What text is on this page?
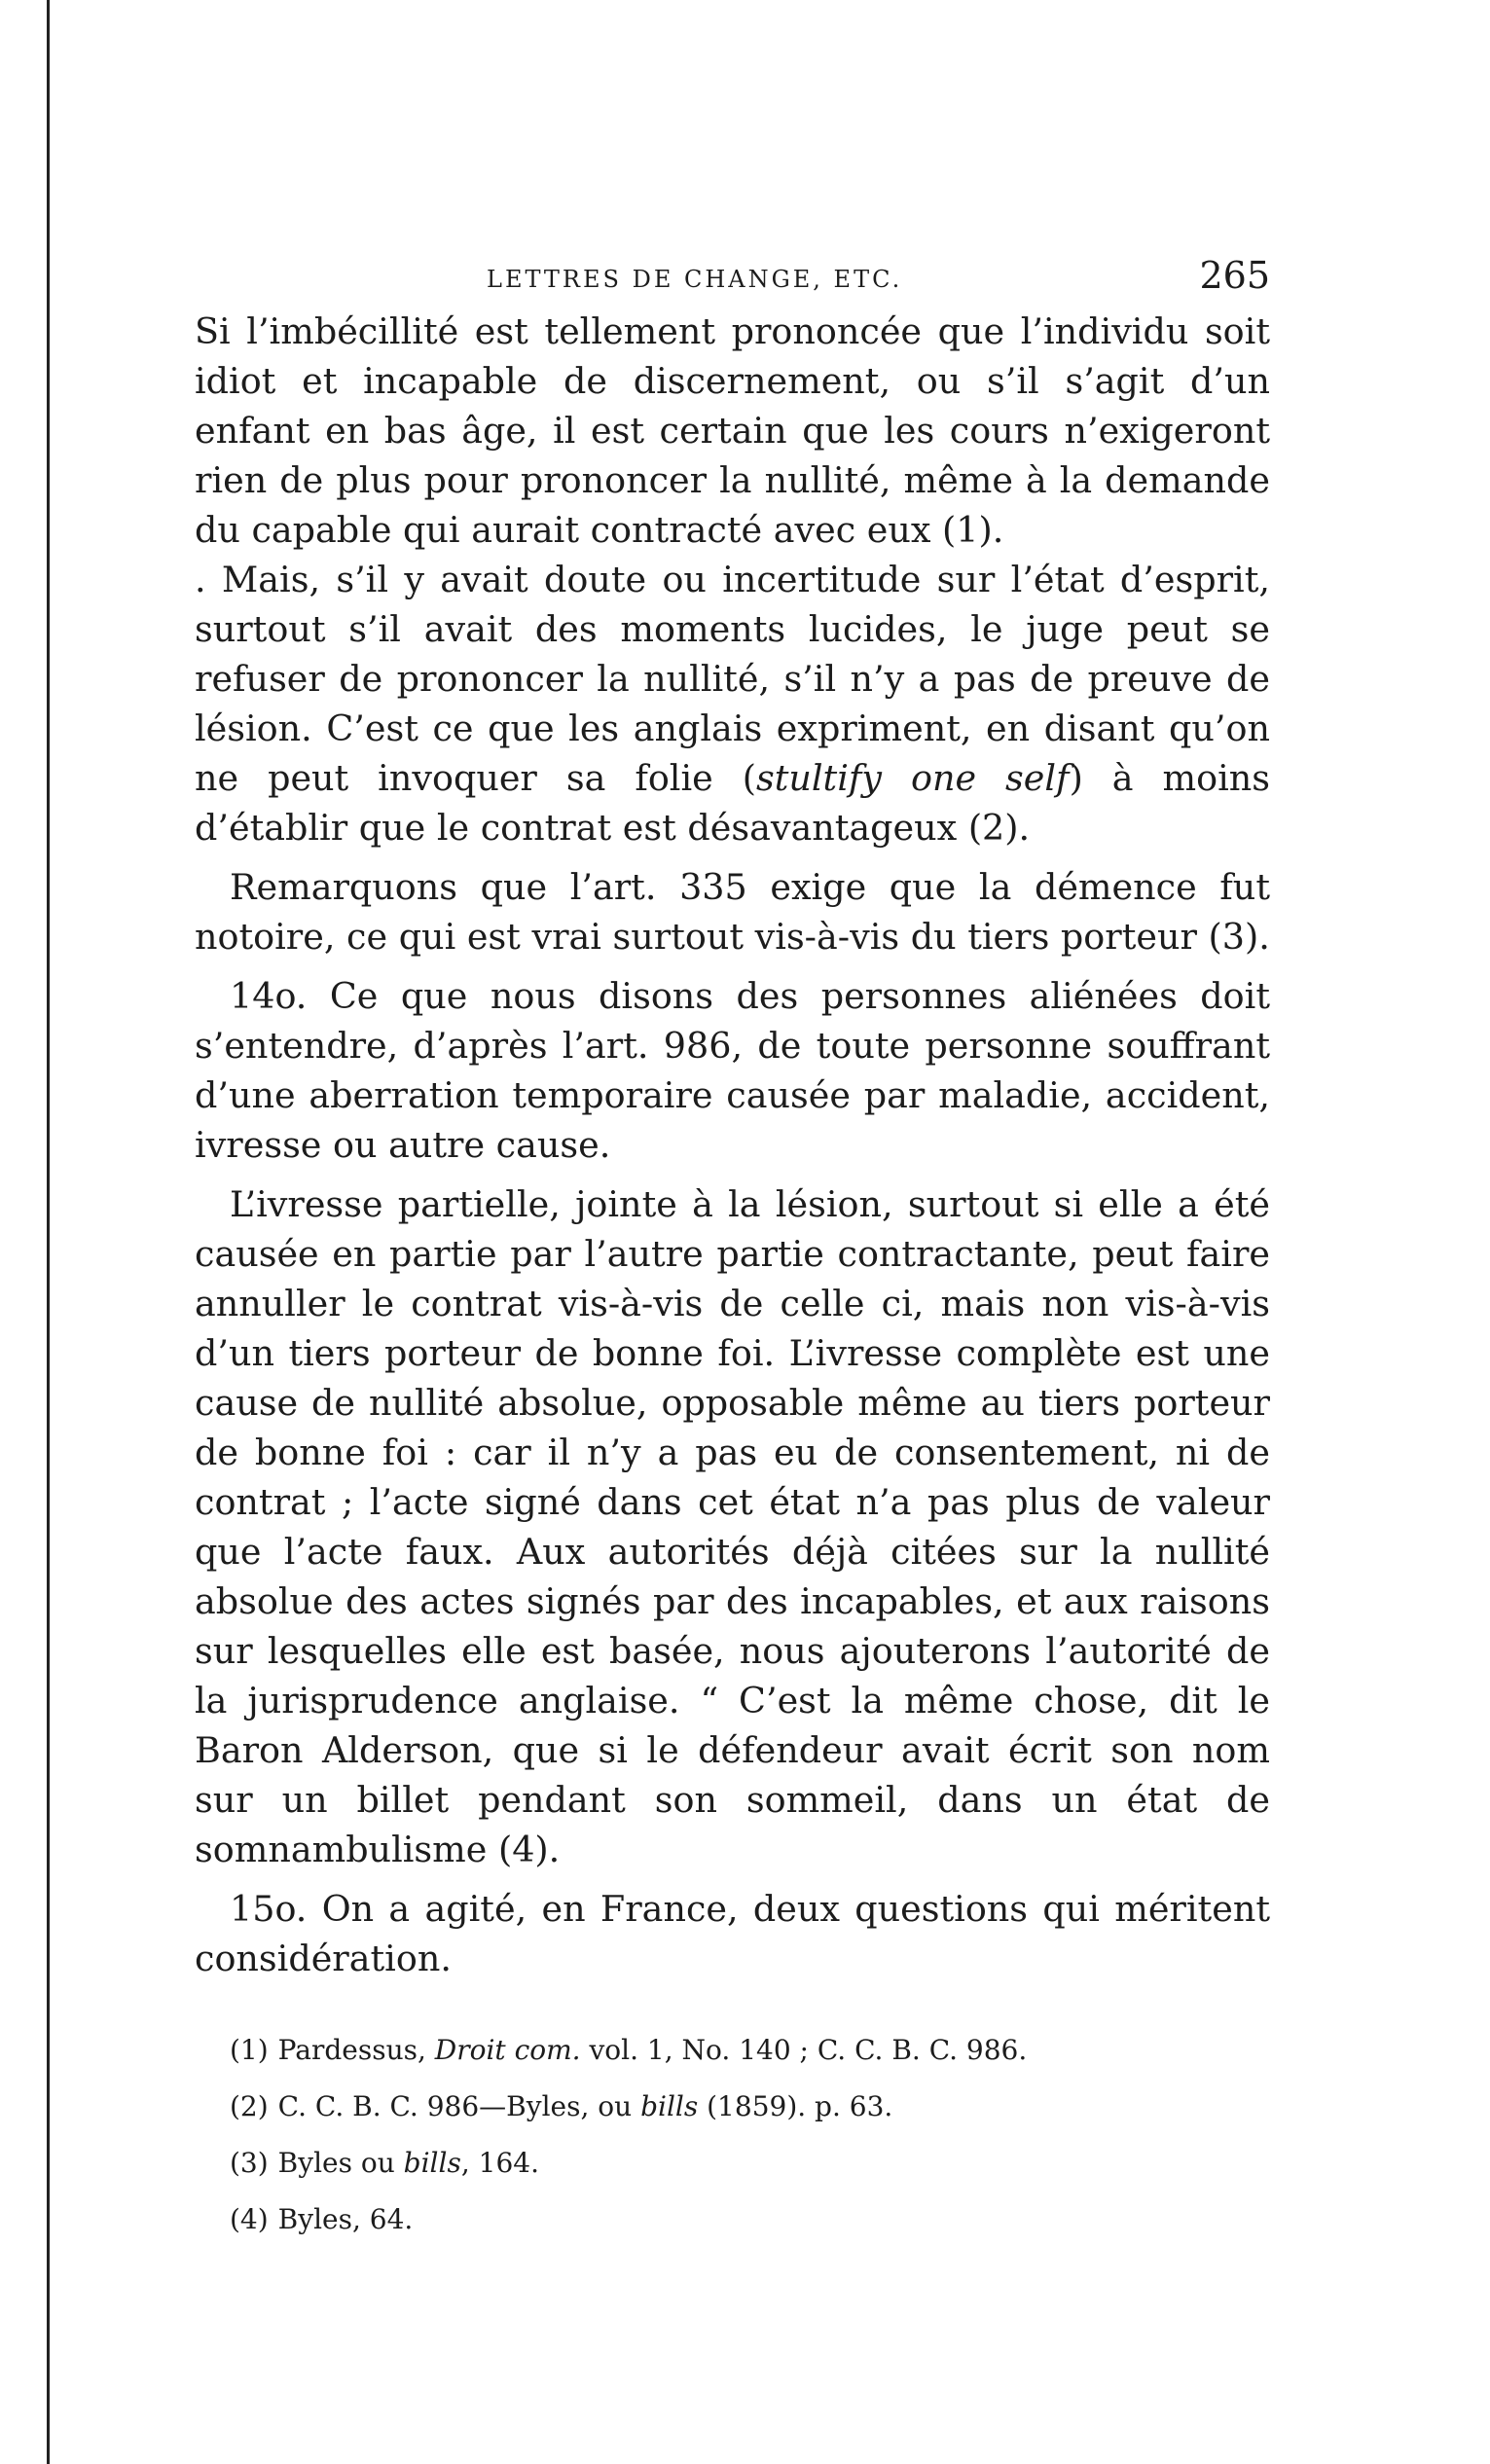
LETTRES DE CHANGE, ETC.	265

Si l’imbécillité est tellement prononcée que l’individu soit idiot et incapable de discernement, ou s’il s’agit d’un enfant en bas âge, il est certain que les cours n’exigeront rien de plus pour prononcer la nullité, même à la demande du capable qui aurait contracté avec eux (1).

. Mais, s’il y avait doute ou incertitude sur l’état d’esprit, surtout s’il avait des moments lucides, le juge peut se refuser de prononcer la nullité, s’il n’y a pas de preuve de lésion. C’est ce que les anglais expriment, en disant qu’on ne peut invoquer sa folie (stultify one self) à moins d’établir que le contrat est désavantageux (2).

Remarquons que l’art. 335 exige que la démence fut notoire, ce qui est vrai surtout vis-à-vis du tiers porteur (3).

14o. Ce que nous disons des personnes aliénées doit s’entendre, d’après l’art. 986, de toute personne souffrant d’une aberration temporaire causée par maladie, accident, ivresse ou autre cause.

L’ivresse partielle, jointe à la lésion, surtout si elle a été causée en partie par l’autre partie contractante, peut faire annuller le contrat vis-à-vis de celle ci, mais non vis-à-vis d’un tiers porteur de bonne foi. L’ivresse complète est une cause de nullité absolue, opposable même au tiers porteur de bonne foi : car il n’y a pas eu de consentement, ni de contrat ; l’acte signé dans cet état n’a pas plus de valeur que l’acte faux. Aux autorités déjà citées sur la nullité absolue des actes signés par des incapables, et aux raisons sur lesquelles elle est basée, nous ajouterons l’autorité de la jurisprudence anglaise. “ C’est la même chose, dit le Baron Alderson, que si le défendeur avait écrit son nom sur un billet pendant son sommeil, dans un état de somnambulisme (4).

15o. On a agité, en France, deux questions qui méritent considération.

(1) Pardessus, Droit com. vol. 1, No. 140 ; C. C. B. C. 986.
(2) C. C. B. C. 986—Byles, ou bills (1859). p. 63.
(3) Byles ou bills, 164.
(4) Byles, 64.
